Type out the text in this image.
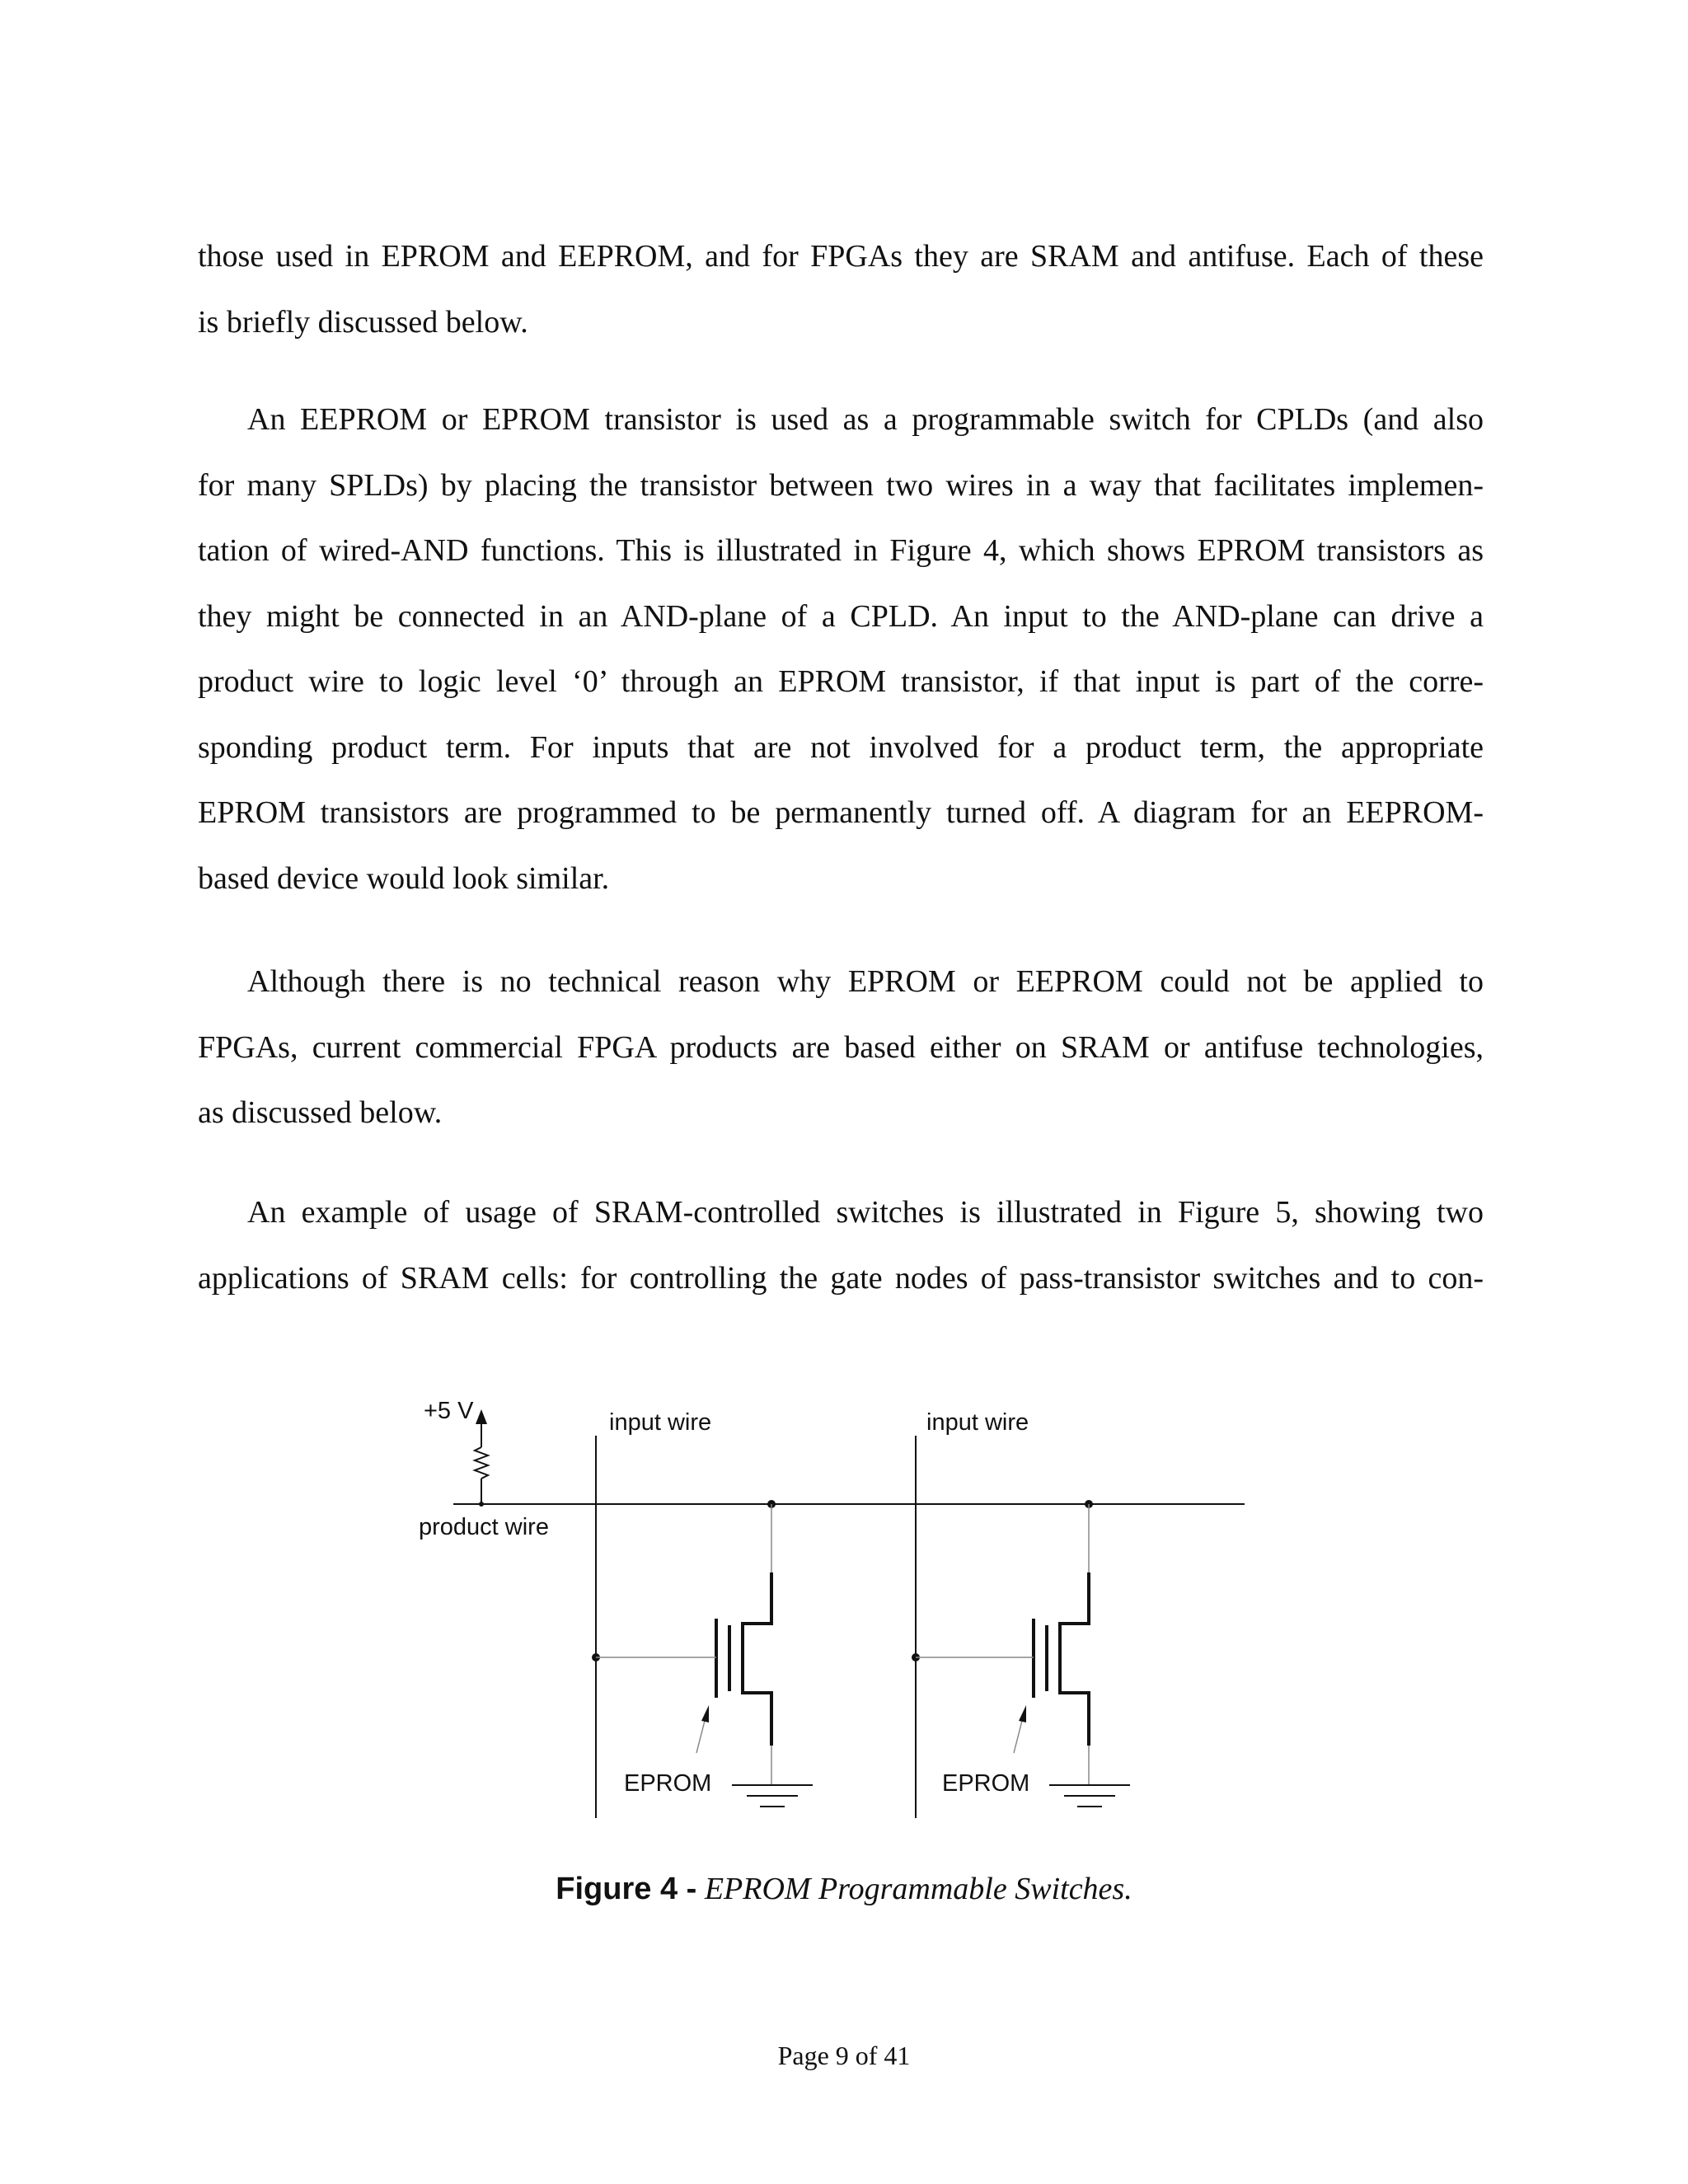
those used in EPROM and EEPROM, and for FPGAs they are SRAM and antifuse. Each of these
is briefly discussed below.

An EEPROM or EPROM transistor is used as a programmable switch for CPLDs (and also
for many SPLDs) by placing the transistor between two wires in a way that facilitates implemen-
tation of wired-AND functions. This is illustrated in Figure 4, which shows EPROM transistors as
they might be connected in an AND-plane of a CPLD. An input to the AND-plane can drive a
product wire to logic level ‘0’ through an EPROM transistor, if that input is part of the corre-
sponding product term. For inputs that are not involved for a product term, the appropriate
EPROM transistors are programmed to be permanently turned off. A diagram for an EEPROM-
based device would look similar.

Although there is no technical reason why EPROM or EEPROM could not be applied to
FPGAs, current commercial FPGA products are based either on SRAM or antifuse technologies,
as discussed below.

An example of usage of SRAM-controlled switches is illustrated in Figure 5, showing two
applications of SRAM cells: for controlling the gate nodes of pass-transistor switches and to con-

+5 V
product wire
input wire	input wire
EPROM	EPROM
Figure 4 - EPROM Programmable Switches.
Page 9 of 41
